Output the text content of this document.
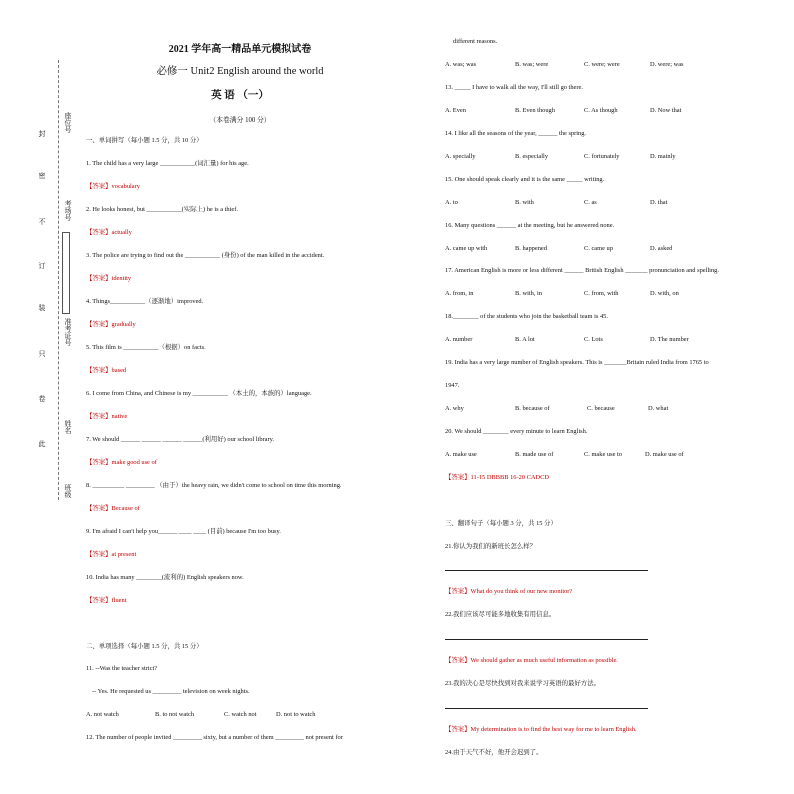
封
座位号
密
考场号
不
订
装
准考证号
只
卷
姓名
此
班级
2021 学年高一精品单元模拟试卷
必修一 Unit2 English around the world
英 语 （一）
（本卷满分 100 分）
一、单词拼写（每小题 1.5 分，共 10 分）
1. The child has a very large ___________(词汇量) for his age.
【答案】vocabulary
2. He looks honest, but ___________(实际上) he is a thief.
【答案】actually
3. The police are trying to find out the ___________ (身份) of the man killed in the accident.
【答案】identity
4. Things___________（逐渐地）improved.
【答案】gradually
5. This film is ___________（根据）on facts.
【答案】based
6. I come from China, and Chinese is my ___________ （本土的，本族的）language.
【答案】native
7. We should ______ ______ ______ ______(利用好) our school library.
【答案】make good use of
8. __________ _________ （由于）the heavy rain, we didn't come to school on time this morning.
【答案】Because of
9. I'm afraid I can't help you______ ____ ____ (目前) because I'm too busy.
【答案】at present
10. India has many ________(流利的) English speakers now.
【答案】fluent
二、单项选择（每小题 1.5 分，共 15 分）
11. --Was the teacher strict?
-- Yes. He requested us _________ television on week nights.
A. not watch	B. to not watch	C. watch not	D. not to watch
12. The number of people invited _________ sixty, but a number of them _________ not present for
different reasons.
A. was; was	B. was; were	C. were; were	D. were; was
13. _____ I have to walk all the way, I'll still go there.
A. Even	B. Even though	C. As though	D. Now that
14. I like all the seasons of the year, ______ the spring.
A. specially	B. especially	C. fortunately	D. mainly
15. One should speak clearly and it is the same _____ writing.
A. to	B. with	C. as	D. that
16. Many questions ______ at the meeting, but he answered none.
A. came up with	B. happened	C. came up	D. asked
17. American English is more or less different ______ British English _______ pronunciation and spelling.
A. from, in	B. with, in	C. from, with	D. with, on
18.________ of the students who join the basketball team is 45.
A. number	B. A lot	C. Lots	D. The number
19. India has a very large number of English speakers. This is _______Britain ruled India from 1765 to
1947.
A. why	B. because of	C. because	D. what
20. We should ________ every minute to learn English.
A. make use	B. made use of	C. make use to	D. make use of
【答案】11-15 DBBBB 16-20 CADCD
三、翻译句子（每小题 3 分，共 15 分）
21.你认为我们的新班长怎么样？
【答案】What do you think of our new monitor?
22.我们应该尽可能多地收集有用信息。
【答案】We should gather as much useful information as possible.
23.我的决心是尽快找到对我来说学习英语的最好方法。
【答案】My determination is to find the best way for me to learn English.
24.由于天气不好，他开会迟到了。
